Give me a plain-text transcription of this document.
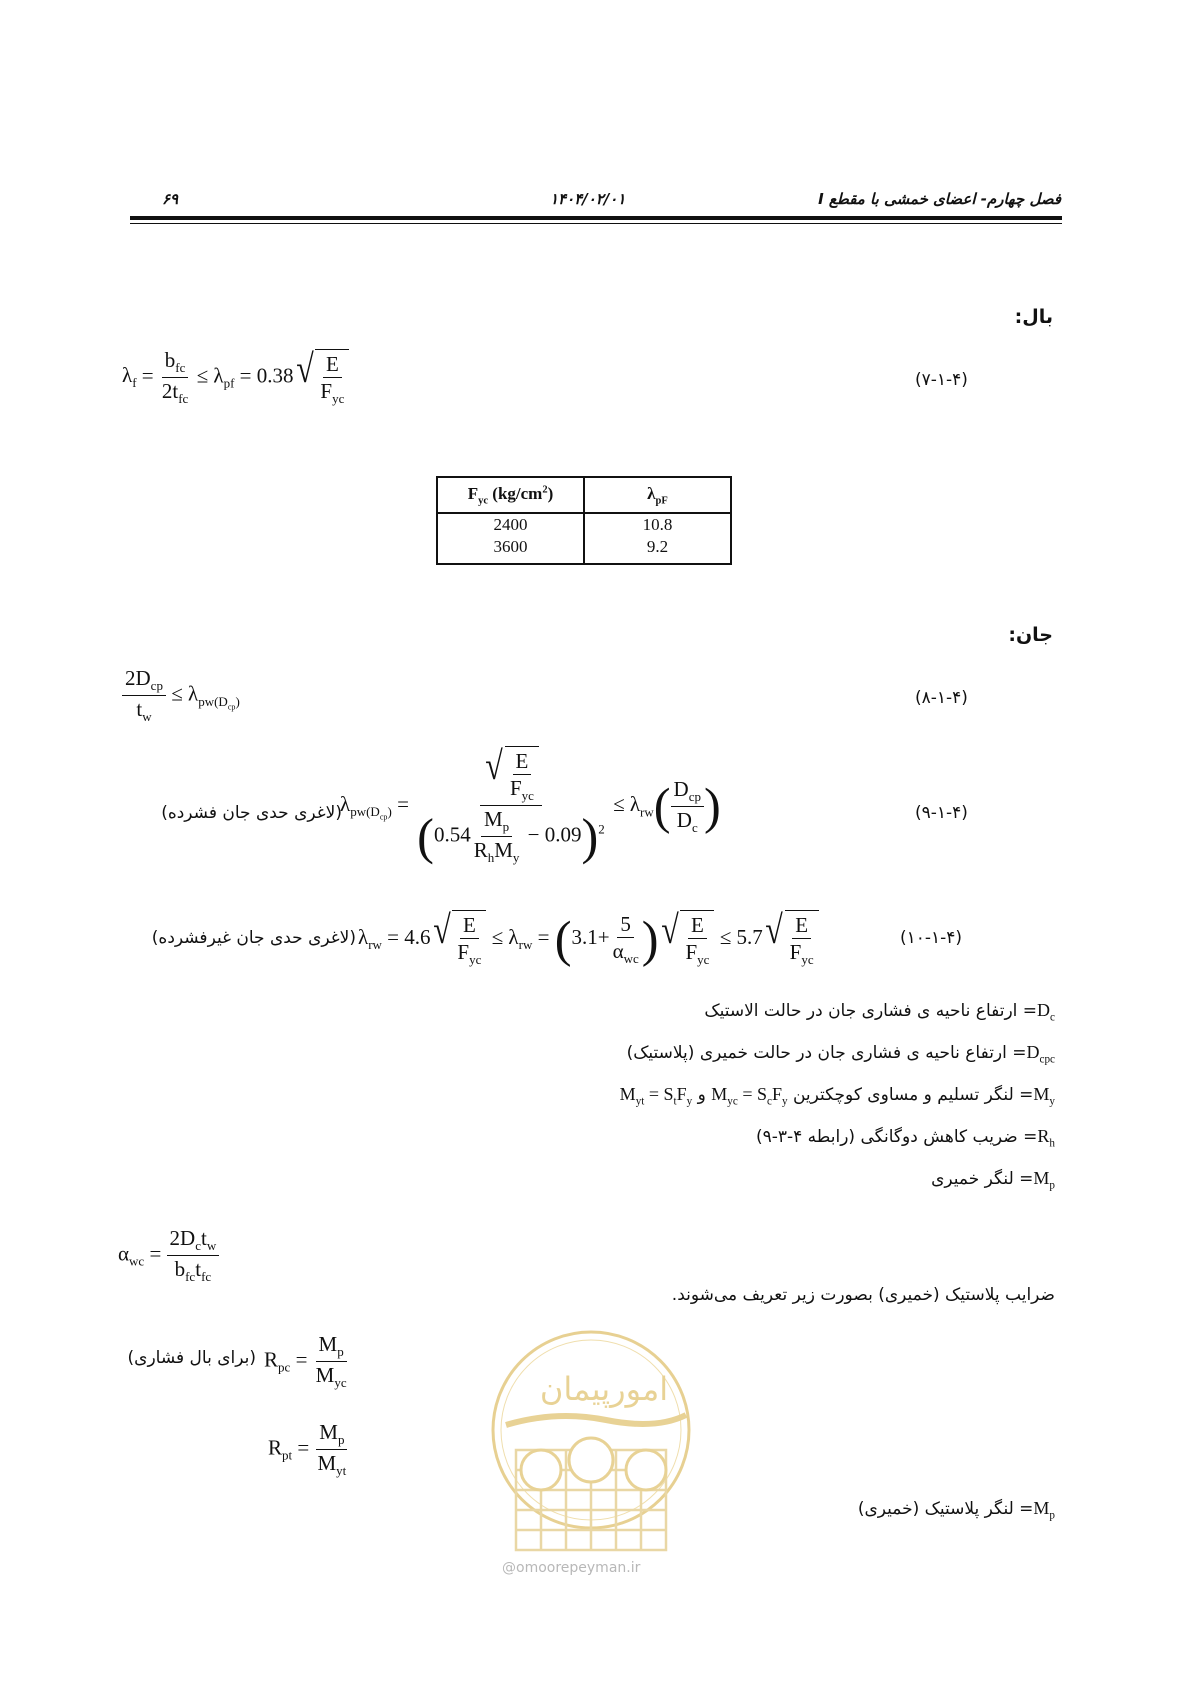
فصل چهارم- اعضای خمشی با مقطع I
۱۴۰۴/۰۲/۰۱
۶۹
بال:
$\lambda_f = \frac{b_{fc}}{2t_{fc}} \le \lambda_{pf} = 0.38$ √ $\frac{E}{F_{yc}}$	(۷-۱-۴)
$F_{yc}$ $(kg/cm^2)$	$\lambda_{pF}$
2400	10.8
3600	9.2
جان:
$\frac{2D_{cp}}{t_w} \le \lambda_{pw(D_{cp})}$	(۸-۱-۴)
(لاغری حدی جان فشرده)
$\lambda_{pw(D_{cp})} = \frac{√ \frac{E}{F_{yc}}}{(0.54 \frac{M_p}{R_hM_y} - 0.09)^2} \le \lambda_{rw}( \frac{D_{cp}}{D_c}$ )	(۹-۱-۴)
(لاغری حدی جان غیرفشرده) $\lambda_{rw} = 4.6$ √ $\frac{E}{F_{yc}} \le \lambda_{rw} = (3.1+ \frac{5}{\alpha_{wc}}$ ) √ $\frac{E}{F_{yc}} \le 5.7$ √ $\frac{E}{F_{yc}}$	(۱۰-۱-۴)
$D_c=$ ارتفاع ناحیه ی فشاری جان در حالت الاستیک
$D_{cpc}=$ ارتفاع ناحیه ی فشاری جان در حالت خمیری (پلاستیک)
$M_y=$ لنگر تسلیم و مساوی کوچکترین $M_{yc} = S_cF_y$ و $M_{yt} = S_tF_y$
$R_h=$ ضریب کاهش دوگانگی (رابطه ۴-۳-۹)
$M_p=$ لنگر خمیری
$\alpha_{wc} = \frac{2D_ct_w}{b_{fc}t_{fc}}$
ضرایب پلاستیک (خمیری) بصورت زیر تعریف می‌شوند.
(برای بال فشاری) $R_{pc} = \frac{M_p}{M_{yc}}$
$R_{pt} = \frac{M_p}{M_{yt}}$
$M_p=$ لنگر پلاستیک (خمیری)
امورپیمان
@omoorepeyman.ir
